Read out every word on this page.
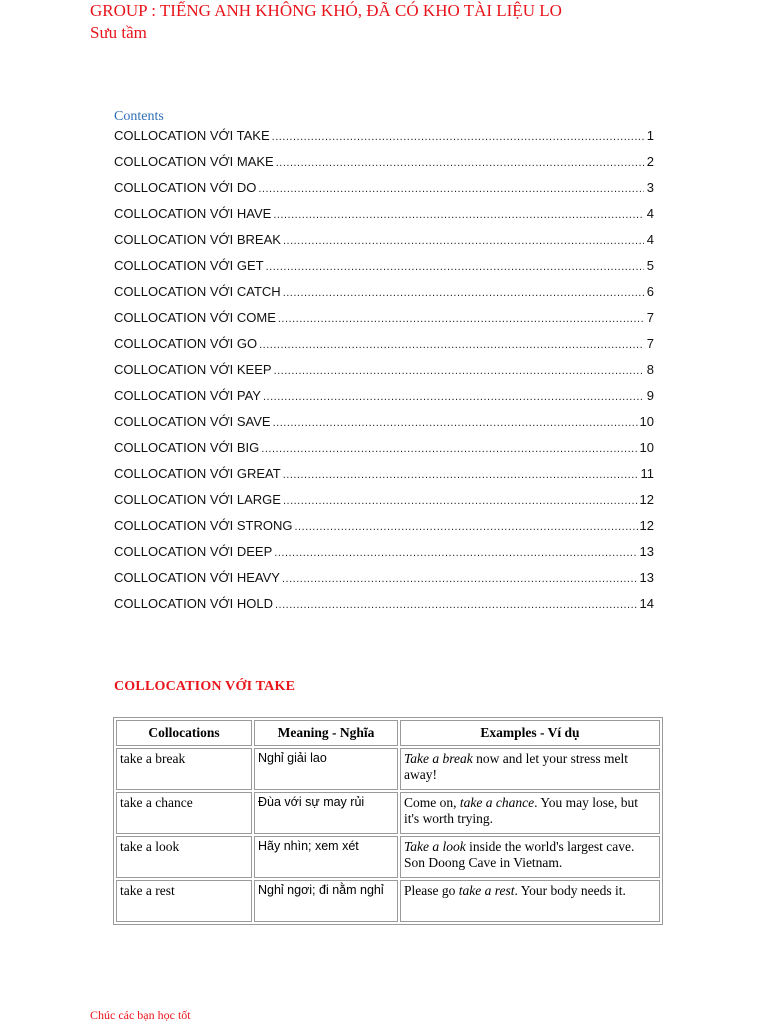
GROUP : TIẾNG ANH KHÔNG KHÓ, ĐÃ CÓ KHO TÀI LIỆU LO
Sưu tầm
Contents
COLLOCATION VỚI TAKE .....	1
COLLOCATION VỚI MAKE .....	2
COLLOCATION VỚI DO .....	3
COLLOCATION VỚI HAVE .....	4
COLLOCATION VỚI BREAK .....	4
COLLOCATION VỚI GET .....	5
COLLOCATION VỚI CATCH .....	6
COLLOCATION VỚI COME .....	7
COLLOCATION VỚI GO .....	7
COLLOCATION VỚI KEEP .....	8
COLLOCATION VỚI PAY .....	9
COLLOCATION VỚI SAVE .....	10
COLLOCATION VỚI BIG .....	10
COLLOCATION VỚI GREAT .....	11
COLLOCATION VỚI LARGE .....	12
COLLOCATION VỚI STRONG .....	12
COLLOCATION VỚI DEEP .....	13
COLLOCATION VỚI HEAVY .....	13
COLLOCATION VỚI HOLD .....	14
COLLOCATION VỚI TAKE
Collocations	Meaning - Nghĩa	Examples - Ví dụ
take a break	Nghỉ giải lao	Take a break now and let your stress melt away!
take a chance	Đùa với sự may rủi	Come on, take a chance. You may lose, but it's worth trying.
take a look	Hãy nhìn; xem xét	Take a look inside the world's largest cave. Son Doong Cave in Vietnam.
take a rest	Nghỉ ngơi; đi nằm nghỉ	Please go take a rest. Your body needs it.
Chúc các bạn học tốt
